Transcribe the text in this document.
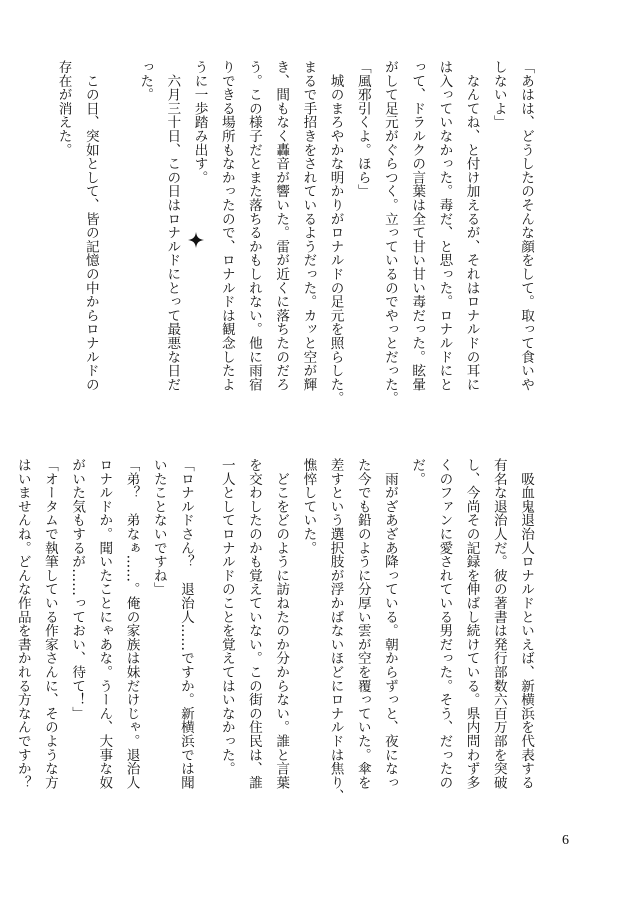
「あはは、どうしたのそんな顔をして。取って食いや
しないよ」
　なんてね、と付け加えるが、それはロナルドの耳に
は入っていなかった。毒だ、と思った。ロナルドにと
って、ドラルクの言葉は全て甘い甘い毒だった。眩暈
がして足元がぐらつく。立っているのでやっとだった。
「風邪引くよ。ほら」
　城のまろやかな明かりがロナルドの足元を照らした。
まるで手招きをされているようだった。カッと空が輝
き、間もなく轟音が響いた。雷が近くに落ちたのだろ
う。この様子だとまた落ちるかもしれない。他に雨宿
りできる場所もなかったので、ロナルドは観念したよ
うに一歩踏み出す。
　六月三十日、この日はロナルドにとって最悪な日だ
った。
　この日、突如として、皆の記憶の中からロナルドの
存在が消えた。
　吸血鬼退治人ロナルドといえば、新横浜を代表する
有名な退治人だ。彼の著書は発行部数六百万部を突破
し、今尚その記録を伸ばし続けている。県内問わず多
くのファンに愛されている男だった。そう、だったの
だ。
　雨がざあざあ降っている。朝からずっと、夜になっ
た今でも鉛のように分厚い雲が空を覆っていた。傘を
差すという選択肢が浮かばないほどにロナルドは焦り、
憔悴していた。
　どこをどのように訪ねたのか分からない。誰と言葉
を交わしたのかも覚えていない。この街の住民は、誰
一人としてロナルドのことを覚えてはいなかった。
「ロナルドさん？　退治人……ですか。新横浜では聞
いたことないですね」
「弟？　弟なぁ……。俺の家族は妹だけじゃ。退治人
ロナルドか。聞いたことにゃあな。うーん、大事な奴
がいた気もするが……っておい、待て！」
「オータムで執筆している作家さんに、そのような方
はいませんね。どんな作品を書かれる方なんですか？
6
